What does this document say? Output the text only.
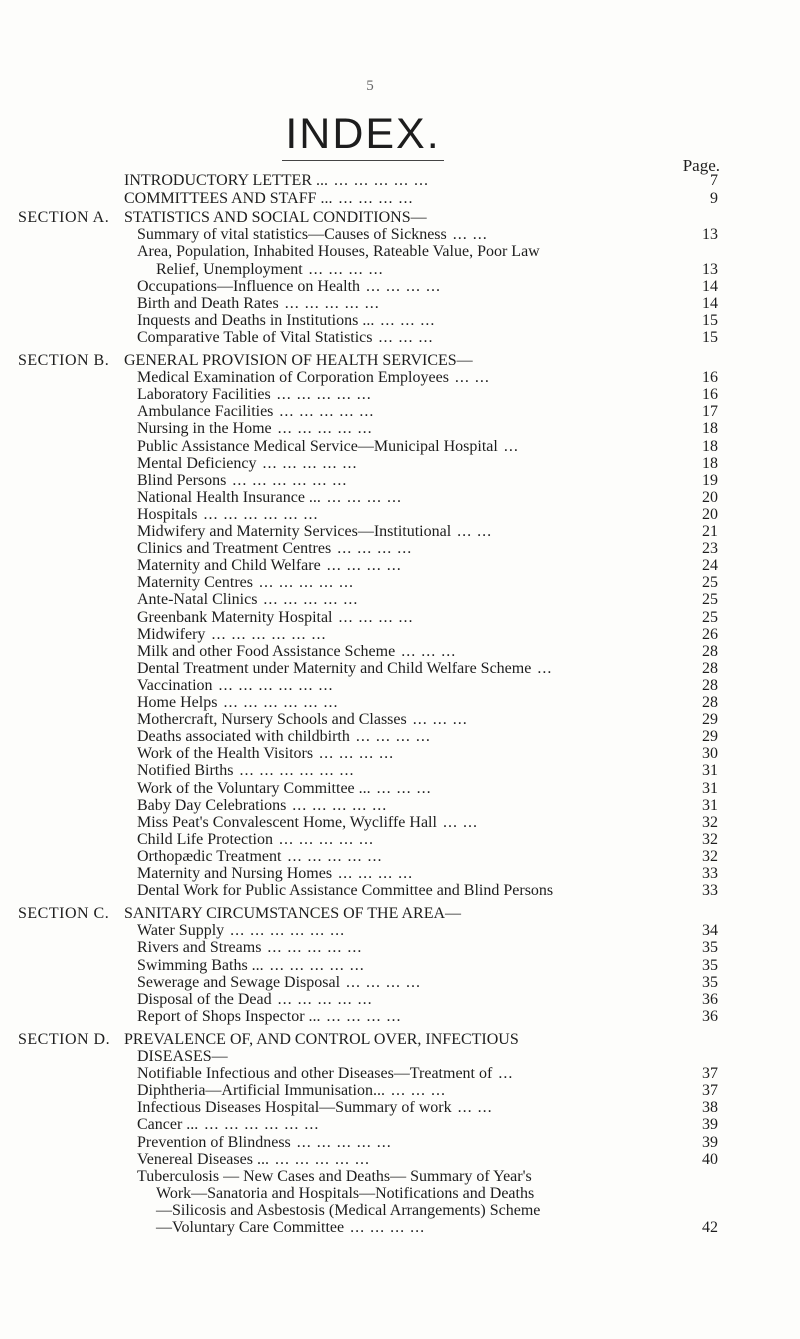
5
INDEX.
Page.
7
INTRODUCTORY LETTER ... ... ... ... ... ...
9
COMMITTEES AND STAFF ... ... ... ... ...
SECTION A. STATISTICS AND SOCIAL CONDITIONS—
13
Summary of vital statistics—Causes of Sickness ... ...
Area, Population, Inhabited Houses, Rateable Value, Poor Law
13
Relief, Unemployment ... ... ... ...
14
Occupations—Influence on Health ... ... ... ...
14
Birth and Death Rates ... ... ... ... ...
15
Inquests and Deaths in Institutions ... ... ... ...
15
Comparative Table of Vital Statistics ... ... ...
SECTION B. GENERAL PROVISION OF HEALTH SERVICES—
16
Medical Examination of Corporation Employees ... ...
16
Laboratory Facilities ... ... ... ... ...
17
Ambulance Facilities ... ... ... ... ...
18
Nursing in the Home ... ... ... ... ...
18
Public Assistance Medical Service—Municipal Hospital ...
18
Mental Deficiency ... ... ... ... ...
19
Blind Persons ... ... ... ... ... ...
20
National Health Insurance ... ... ... ... ...
20
Hospitals ... ... ... ... ... ...
21
Midwifery and Maternity Services—Institutional ... ...
23
Clinics and Treatment Centres ... ... ... ...
24
Maternity and Child Welfare ... ... ... ...
25
Maternity Centres ... ... ... ... ...
25
Ante-Natal Clinics ... ... ... ... ...
25
Greenbank Maternity Hospital ... ... ... ...
26
Midwifery ... ... ... ... ... ...
28
Milk and other Food Assistance Scheme ... ... ...
28
Dental Treatment under Maternity and Child Welfare Scheme ...
28
Vaccination ... ... ... ... ... ...
28
Home Helps ... ... ... ... ... ...
29
Mothercraft, Nursery Schools and Classes ... ... ...
29
Deaths associated with childbirth ... ... ... ...
30
Work of the Health Visitors ... ... ... ...
31
Notified Births ... ... ... ... ... ...
31
Work of the Voluntary Committee ... ... ... ...
31
Baby Day Celebrations ... ... ... ... ...
32
Miss Peat's Convalescent Home, Wycliffe Hall ... ...
32
Child Life Protection ... ... ... ... ...
32
Orthopædic Treatment ... ... ... ... ...
33
Maternity and Nursing Homes ... ... ... ...
33
Dental Work for Public Assistance Committee and Blind Persons
SECTION C. SANITARY CIRCUMSTANCES OF THE AREA—
34
Water Supply ... ... ... ... ... ...
35
Rivers and Streams ... ... ... ... ...
35
Swimming Baths ... ... ... ... ... ...
35
Sewerage and Sewage Disposal ... ... ... ...
36
Disposal of the Dead ... ... ... ... ...
36
Report of Shops Inspector ... ... ... ... ...
SECTION D. PREVALENCE OF, AND CONTROL OVER, INFECTIOUS
DISEASES—
37
Notifiable Infectious and other Diseases—Treatment of ...
37
Diphtheria—Artificial Immunisation... ... ... ...
38
Infectious Diseases Hospital—Summary of work ... ...
39
Cancer ... ... ... ... ... ... ...
39
Prevention of Blindness ... ... ... ... ...
40
Venereal Diseases ... ... ... ... ... ...
Tuberculosis — New Cases and Deaths— Summary of Year's
Work—Sanatoria and Hospitals—Notifications and Deaths
—Silicosis and Asbestosis (Medical Arrangements) Scheme
42
—Voluntary Care Committee ... ... ... ...
